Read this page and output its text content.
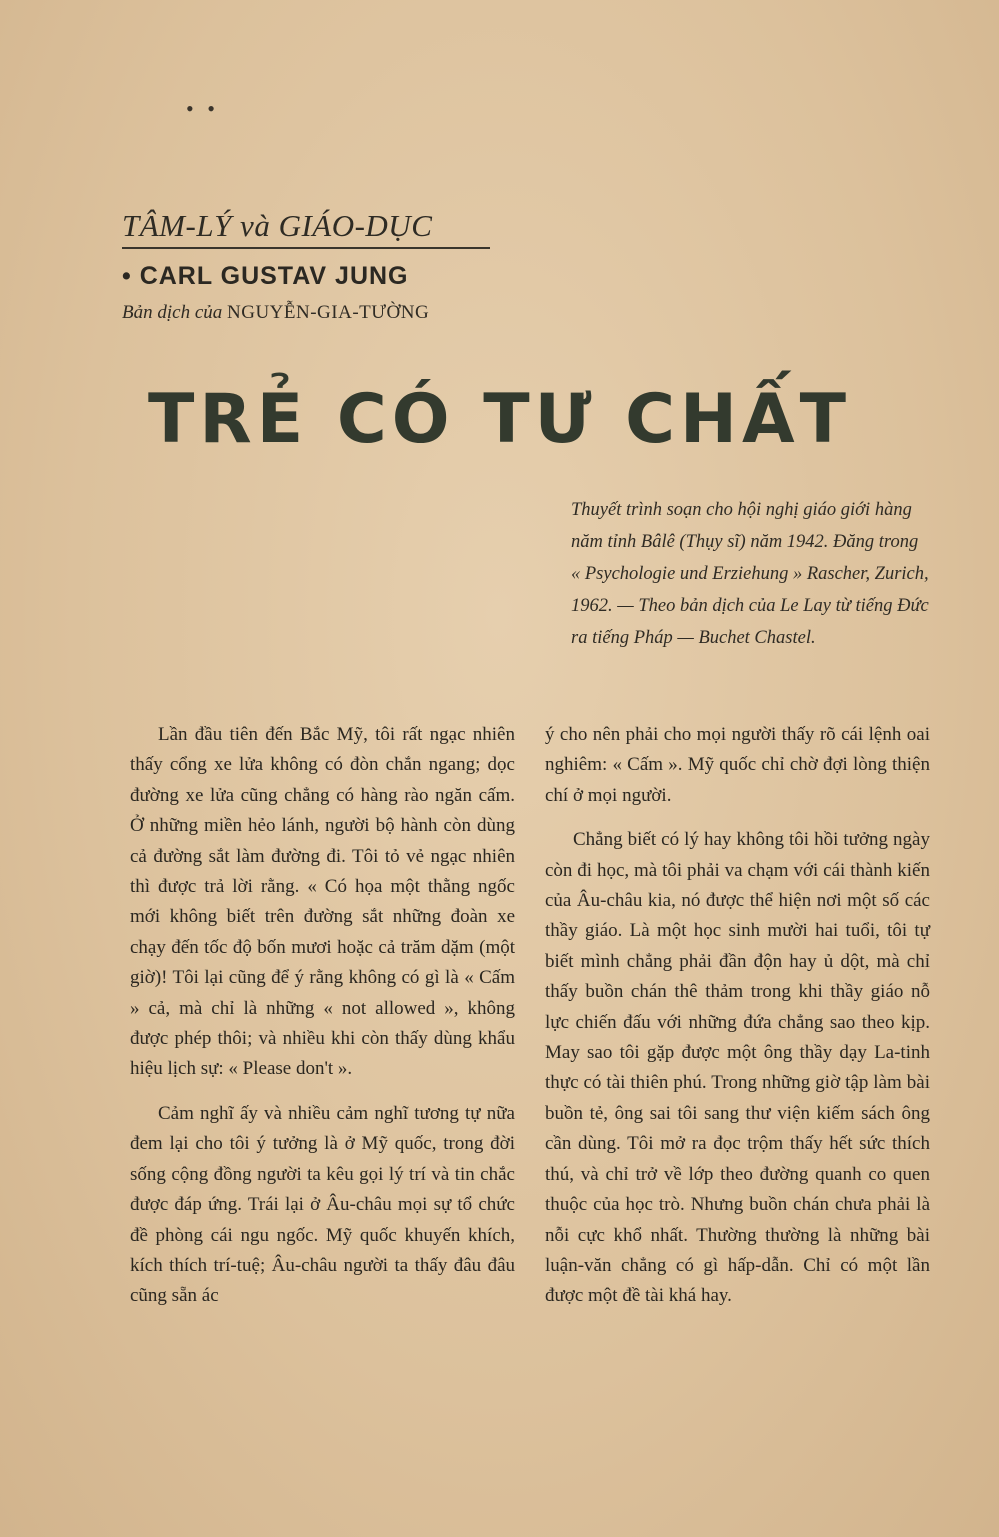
• •
TÂM-LÝ và GIÁO-DỤC
• CARL GUSTAV JUNG
Bản dịch của NGUYỄN-GIA-TƯỜNG
TRẺ CÓ TƯ CHẤT
Thuyết trình soạn cho hội nghị giáo giới hàng năm tỉnh Bâlê (Thụy sĩ) năm 1942. Đăng trong « Psychologie und Erziehung » Rascher, Zurich, 1962. — Theo bản dịch của Le Lay từ tiếng Đức ra tiếng Pháp — Buchet Chastel.

Lần đầu tiên đến Bắc Mỹ, tôi rất ngạc nhiên thấy cổng xe lửa không có đòn chắn ngang; dọc đường xe lửa cũng chẳng có hàng rào ngăn cấm. Ở những miền hẻo lánh, người bộ hành còn dùng cả đường sắt làm đường đi. Tôi tỏ vẻ ngạc nhiên thì được trả lời rằng. « Có họa một thằng ngốc mới không biết trên đường sắt những đoàn xe chạy đến tốc độ bốn mươi hoặc cả trăm dặm (một giờ)! Tôi lại cũng để ý rằng không có gì là « Cấm » cả, mà chỉ là những « not allowed », không được phép thôi; và nhiều khi còn thấy dùng khẩu hiệu lịch sự: « Please don't ».

Cảm nghĩ ấy và nhiều cảm nghĩ tương tự nữa đem lại cho tôi ý tưởng là ở Mỹ quốc, trong đời sống cộng đồng người ta kêu gọi lý trí và tin chắc được đáp ứng. Trái lại ở Âu-châu mọi sự tổ chức đề phòng cái ngu ngốc. Mỹ quốc khuyến khích, kích thích trí-tuệ; Âu-châu người ta thấy đâu đâu cũng sẵn ác

ý cho nên phải cho mọi người thấy rõ cái lệnh oai nghiêm: « Cấm ». Mỹ quốc chỉ chờ đợi lòng thiện chí ở mọi người.

Chẳng biết có lý hay không tôi hồi tưởng ngày còn đi học, mà tôi phải va chạm với cái thành kiến của Âu-châu kia, nó được thể hiện nơi một số các thầy giáo. Là một học sinh mười hai tuổi, tôi tự biết mình chẳng phải đần độn hay ủ dột, mà chỉ thấy buồn chán thê thảm trong khi thầy giáo nỗ lực chiến đấu với những đứa chẳng sao theo kịp. May sao tôi gặp được một ông thầy dạy La-tinh thực có tài thiên phú. Trong những giờ tập làm bài buồn tẻ, ông sai tôi sang thư viện kiếm sách ông cần dùng. Tôi mở ra đọc trộm thấy hết sức thích thú, và chỉ trở về lớp theo đường quanh co quen thuộc của học trò. Nhưng buồn chán chưa phải là nỗi cực khổ nhất. Thường thường là những bài luận-văn chẳng có gì hấp-dẫn. Chỉ có một lần được một đề tài khá hay.
